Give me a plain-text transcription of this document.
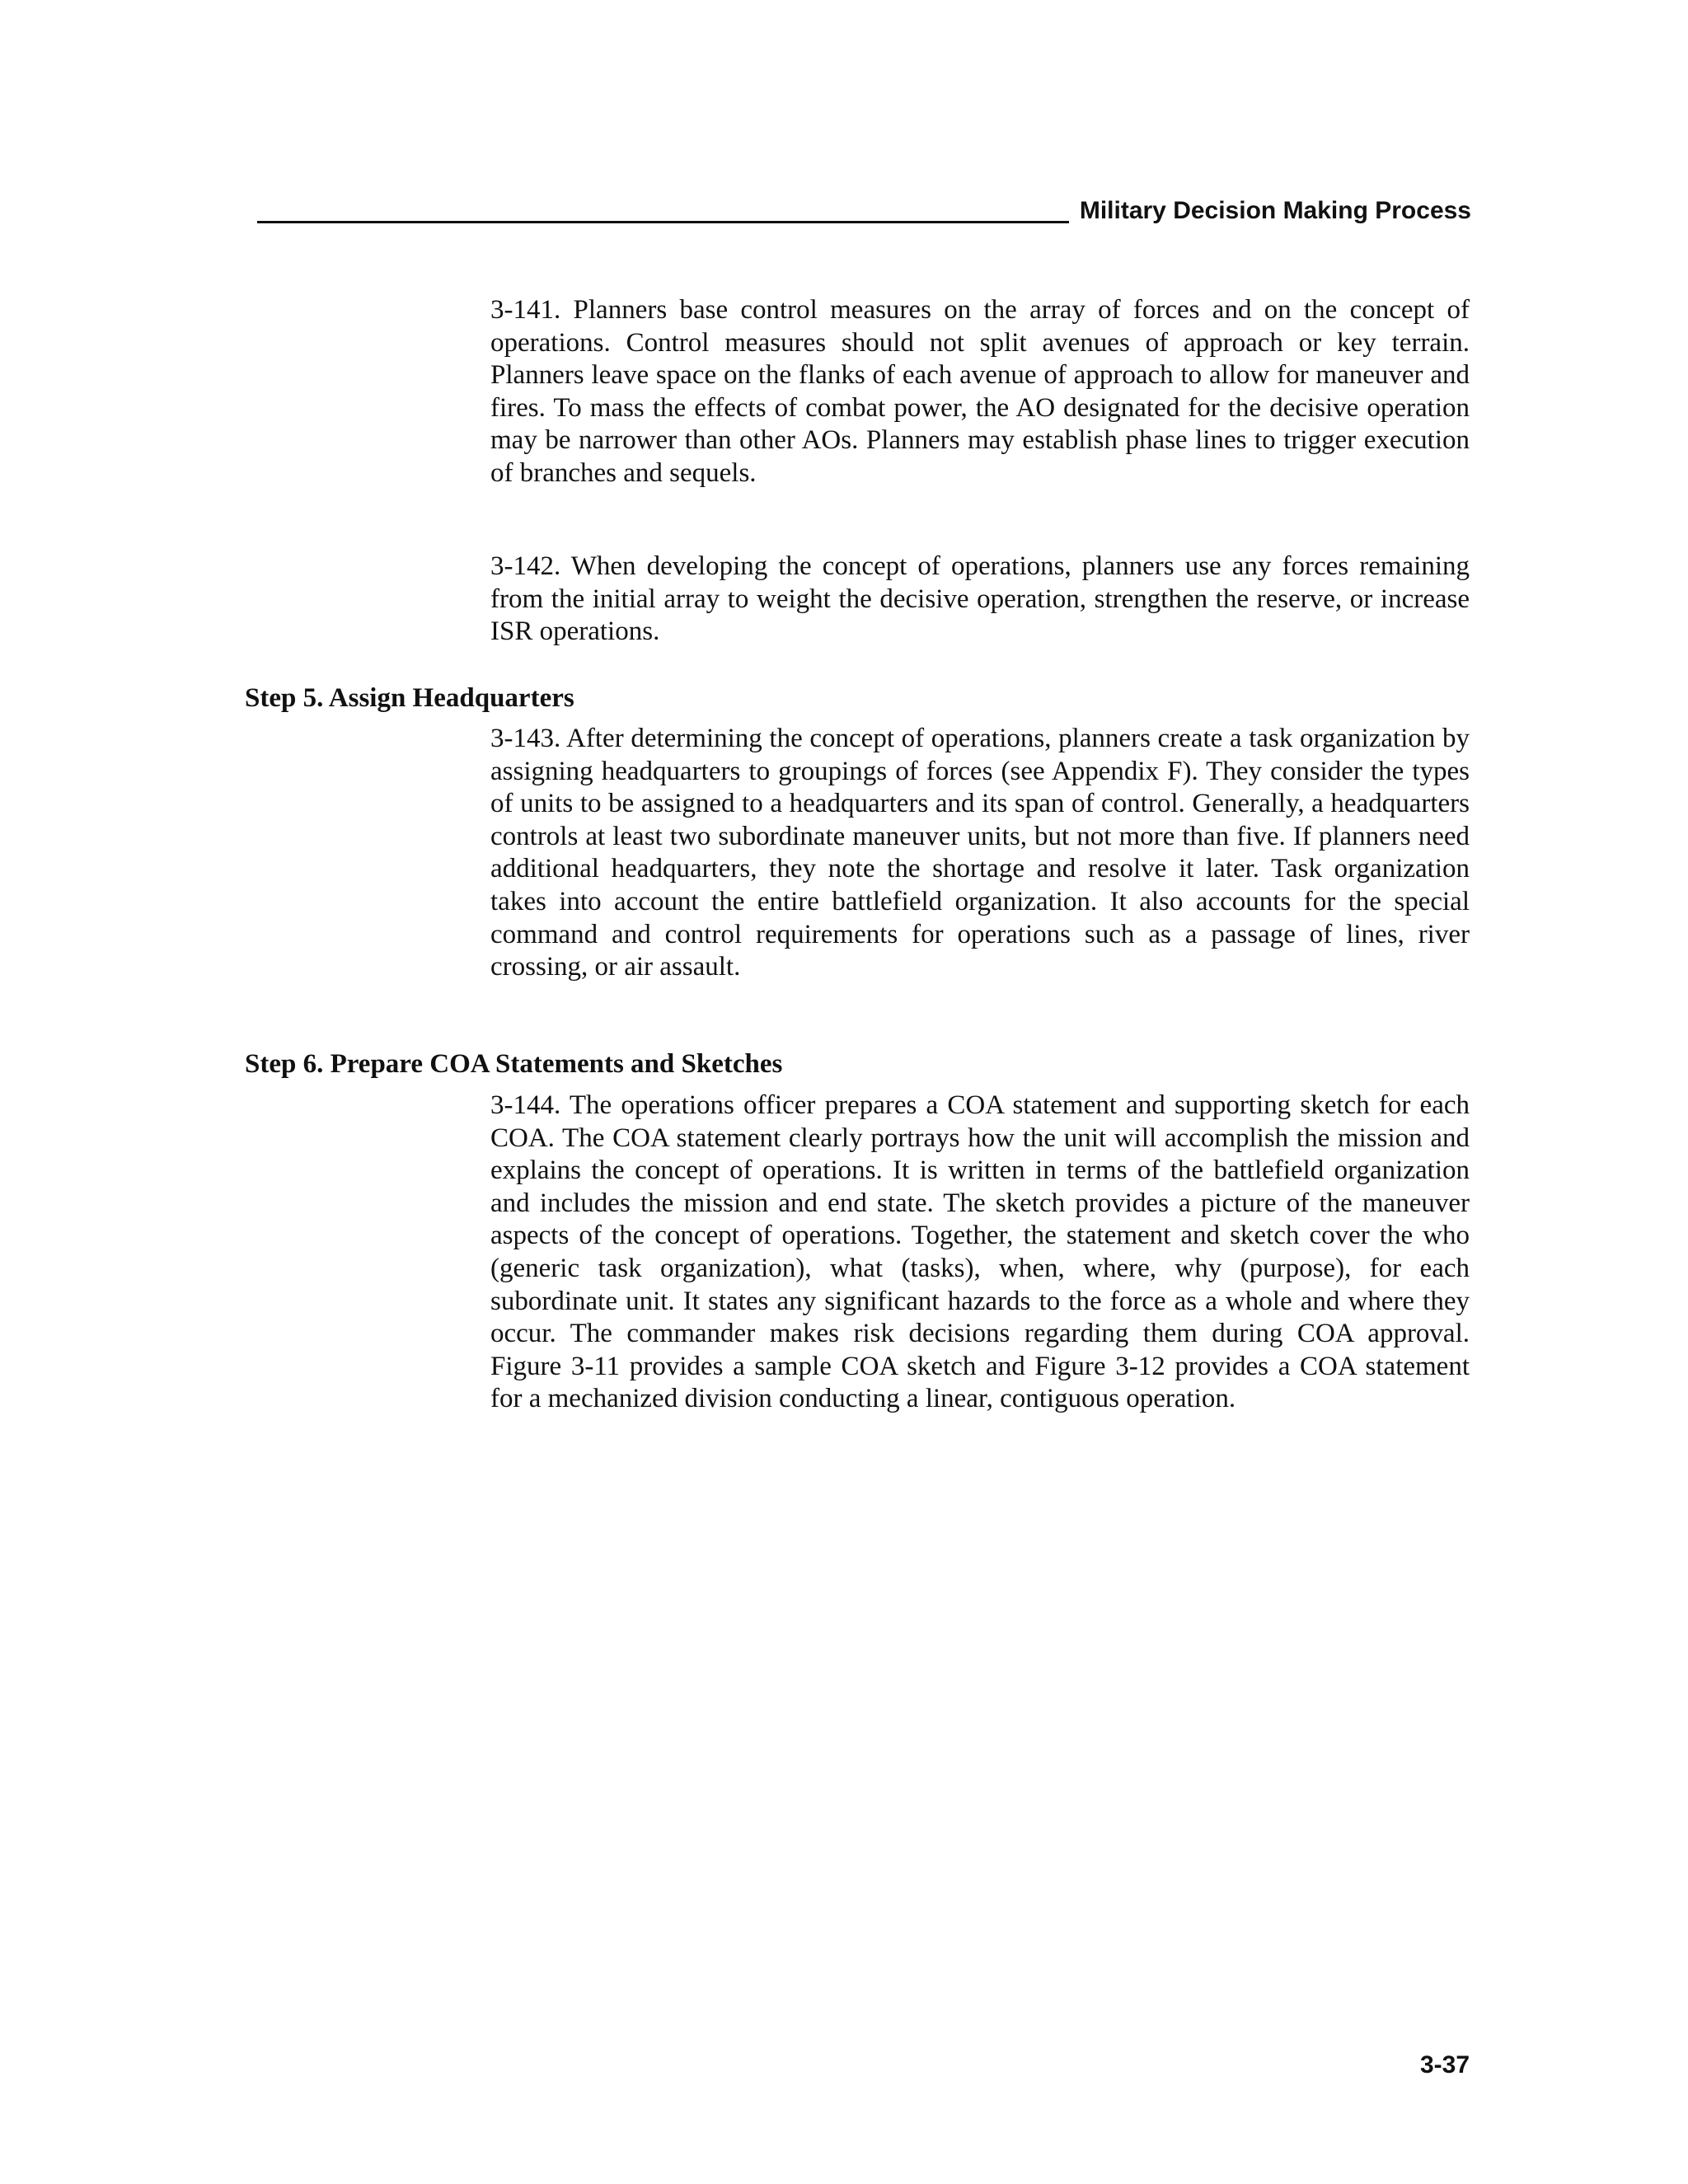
Military Decision Making Process

3-141. Planners base control measures on the array of forces and on the concept of operations. Control measures should not split avenues of approach or key terrain. Planners leave space on the flanks of each avenue of approach to allow for maneuver and fires. To mass the effects of combat power, the AO designated for the decisive operation may be narrower than other AOs. Planners may establish phase lines to trigger execution of branches and sequels.

3-142. When developing the concept of operations, planners use any forces remaining from the initial array to weight the decisive operation, strengthen the reserve, or increase ISR operations.

Step 5. Assign Headquarters

3-143. After determining the concept of operations, planners create a task organization by assigning headquarters to groupings of forces (see Appendix F). They consider the types of units to be assigned to a headquarters and its span of control. Generally, a headquarters controls at least two subordinate maneuver units, but not more than five. If planners need additional headquarters, they note the shortage and resolve it later. Task organization takes into account the entire battlefield organization. It also accounts for the special command and control requirements for operations such as a passage of lines, river crossing, or air assault.

Step 6. Prepare COA Statements and Sketches

3-144. The operations officer prepares a COA statement and supporting sketch for each COA. The COA statement clearly portrays how the unit will accomplish the mission and explains the concept of operations. It is written in terms of the battlefield organization and includes the mission and end state. The sketch provides a picture of the maneuver aspects of the concept of operations. Together, the statement and sketch cover the who (generic task organization), what (tasks), when, where, why (purpose), for each subordinate unit. It states any significant hazards to the force as a whole and where they occur. The commander makes risk decisions regarding them during COA approval. Figure 3-11 provides a sample COA sketch and Figure 3-12 provides a COA statement for a mechanized division conducting a linear, contiguous operation.

3-37
